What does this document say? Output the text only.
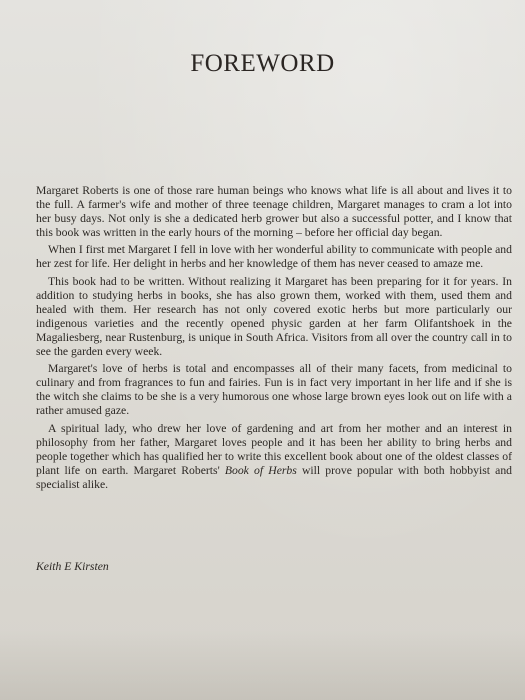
FOREWORD

Margaret Roberts is one of those rare human beings who knows what life is all about and lives it to the full. A farmer's wife and mother of three teenage children, Margaret manages to cram a lot into her busy days. Not only is she a dedicated herb grower but also a successful potter, and I know that this book was written in the early hours of the morning – before her official day began.

When I first met Margaret I fell in love with her wonderful ability to communicate with people and her zest for life. Her delight in herbs and her knowledge of them has never ceased to amaze me.

This book had to be written. Without realizing it Margaret has been preparing for it for years. In addition to studying herbs in books, she has also grown them, worked with them, used them and healed with them. Her research has not only covered exotic herbs but more particularly our indigenous varieties and the recently opened physic garden at her farm Olifantshoek in the Magaliesberg, near Rustenburg, is unique in South Africa. Visitors from all over the country call in to see the garden every week.

Margaret's love of herbs is total and encompasses all of their many facets, from medicinal to culinary and from fragrances to fun and fairies. Fun is in fact very important in her life and if she is the witch she claims to be she is a very humorous one whose large brown eyes look out on life with a rather amused gaze.

A spiritual lady, who drew her love of gardening and art from her mother and an interest in philosophy from her father, Margaret loves people and it has been her ability to bring herbs and people together which has qualified her to write this excellent book about one of the oldest classes of plant life on earth. Margaret Roberts' Book of Herbs will prove popular with both hobbyist and specialist alike.

Keith E Kirsten
